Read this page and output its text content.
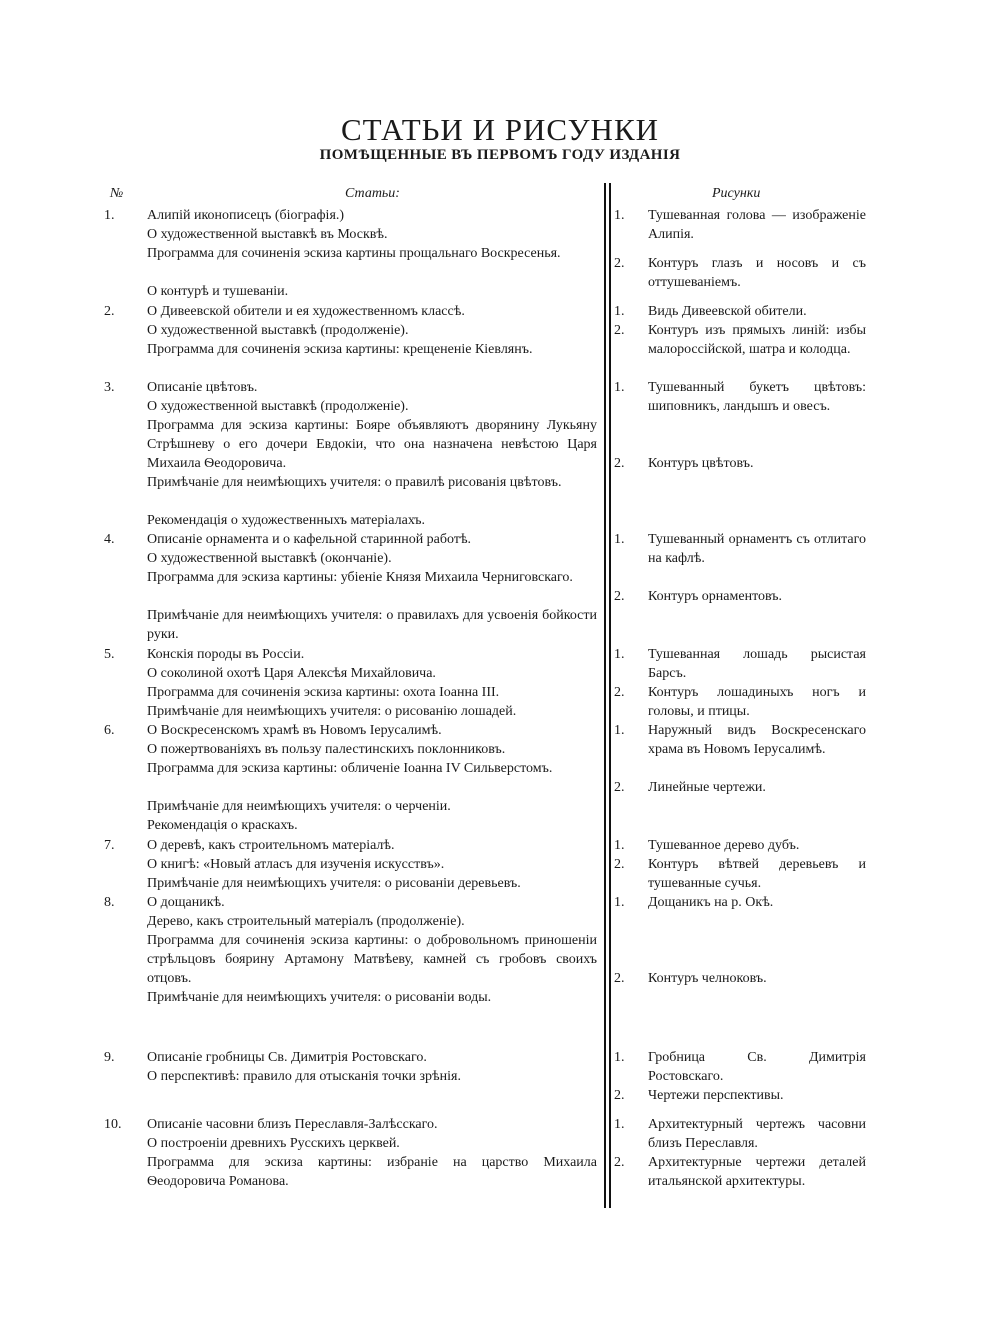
СТАТЬИ И РИСУНКИ
ПОМѢЩЕННЫЕ ВЪ ПЕРВОМЪ ГОДУ ИЗДАНІЯ
№	Статьи:	Рисунки
1. Алипій иконописецъ (біографія.)
О художественной выставкѣ въ Москвѣ.
Программа для сочиненія эскиза картины прощальнаго Воскресенья.
О контурѣ и тушеваніи.
1. Тушеванная голова — изображеніе Алипія.
2. Контуръ глазъ и носовъ и съ оттушеваніемъ.
2. О Дивеевской обители и ея художественномъ классѣ.
О художественной выставкѣ (продолженіе).
Программа для сочиненія эскиза картины: крещененіе Кіевлянъ.
1. Видь Дивеевской обители.
2. Контуръ изъ прямыхъ линій: избы малороссійской, шатра и колодца.
3. Описаніе цвѣтовъ.
О художественной выставкѣ (продолженіе).
Программа для эскиза картины: Бояре объявляютъ дворянину Лукьяну Стрѣшневу о его дочери Евдокіи, что она назначена невѣстою Царя Михаила Ѳеодоровича.
Примѣчаніе для неимѣющихъ учителя: о правилѣ рисованія цвѣтовъ.
Рекомендація о художественныхъ матеріалахъ.
1. Тушеванный букетъ цвѣтовъ: шиповникъ, ландышъ и овесъ.
2. Контуръ цвѣтовъ.
4. Описаніе орнамента и о кафельной старинной работѣ.
О художественной выставкѣ (окончаніе).
Программа для эскиза картины: убіеніе Князя Михаила Черниговскаго.
Примѣчаніе для неимѣющихъ учителя: о правилахъ для усвоенія бойкости руки.
1. Тушеванный орнаментъ съ отлитаго на кафлѣ.
2. Контуръ орнаментовъ.
5. Конскія породы въ Россіи.
О соколиной охотѣ Царя Алексѣя Михайловича.
Программа для сочиненія эскиза картины: охота Іоанна III.
Примѣчаніе для неимѣющихъ учителя: о рисованію лошадей.
1. Тушеванная лошадь рысистая Барсъ.
2. Контуръ лошадиныхъ ногъ и головы, и птицы.
6. О Воскресенскомъ храмѣ въ Новомъ Іерусалимѣ.
О пожертвованіяхъ въ пользу палестинскихъ поклонниковъ.
Программа для эскиза картины: обличеніе Іоанна IV Сильверстомъ.
Примѣчаніе для неимѣющихъ учителя: о черченіи.
Рекомендація о краскахъ.
1. Наружный видъ Воскресенскаго храма въ Новомъ Іерусалимѣ.
2. Линейные чертежи.
7. О деревѣ, какъ строительномъ матеріалѣ.
О книгѣ: «Новый атласъ для изученія искусствъ».
Примѣчаніе для неимѣющихъ учителя: о рисованіи деревьевъ.
1. Тушеванное дерево дубъ.
2. Контуръ вѣтвей деревьевъ и тушеванные сучья.
8. О дощаникѣ.
Дерево, какъ строительный матеріалъ (продолженіе).
Программа для сочиненія эскиза картины: о добровольномъ приношеніи стрѣльцовъ боярину Артамону Матвѣеву, камней съ гробовъ своихъ отцовъ.
Примѣчаніе для неимѣющихъ учителя: о рисованіи воды.
1. Дощаникъ на р. Окѣ.
2. Контуръ челноковъ.
9. Описаніе гробницы Св. Димитрія Ростовскаго.
О перспективѣ: правило для отысканія точки зрѣнія.
1. Гробница Св. Димитрія Ростовскаго.
2. Чертежи перспективы.
10. Описаніе часовни близъ Переславля-Залѣсскаго.
О построеніи древнихъ Русскихъ церквей.
Программа для эскиза картины: избраніе на царство Михаила Ѳеодоровича Романова.
1. Архитектурный чертежъ часовни близъ Переславля.
2. Архитектурные чертежи деталей итальянской архитектуры.
